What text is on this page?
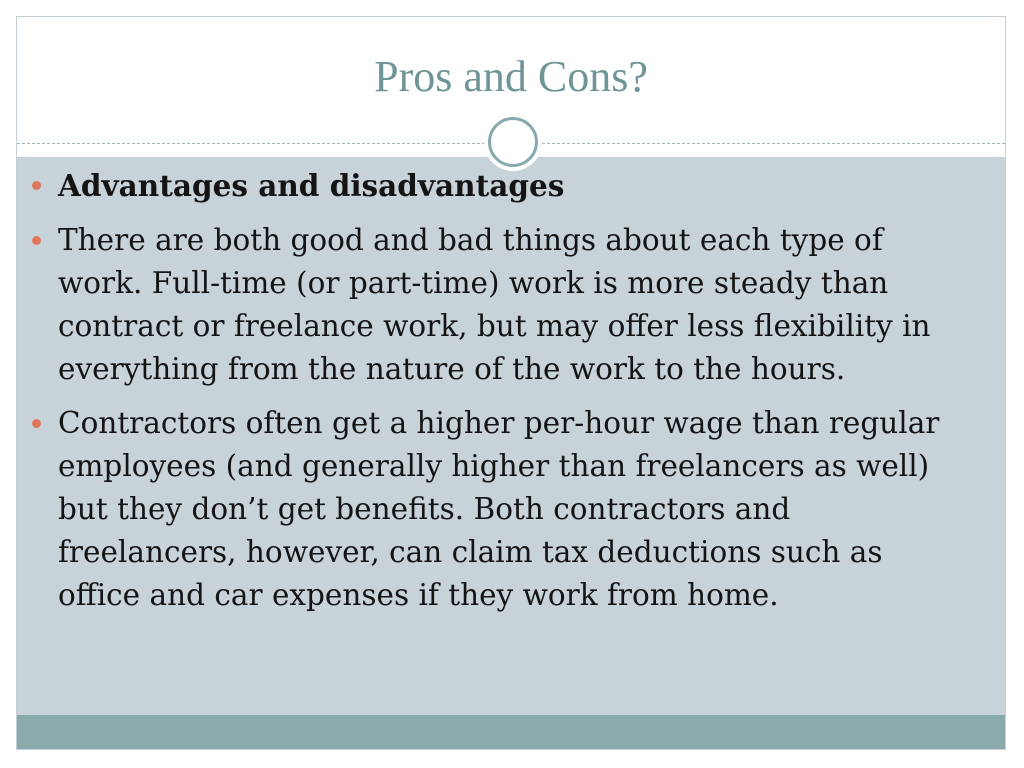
Pros and Cons?
Advantages and disadvantages
There are both good and bad things about each type of work. Full-time (or part-time) work is more steady than contract or freelance work, but may offer less flexibility in everything from the nature of the work to the hours.
Contractors often get a higher per-hour wage than regular employees (and generally higher than freelancers as well) but they don’t get benefits. Both contractors and freelancers, however, can claim tax deductions such as office and car expenses if they work from home.
